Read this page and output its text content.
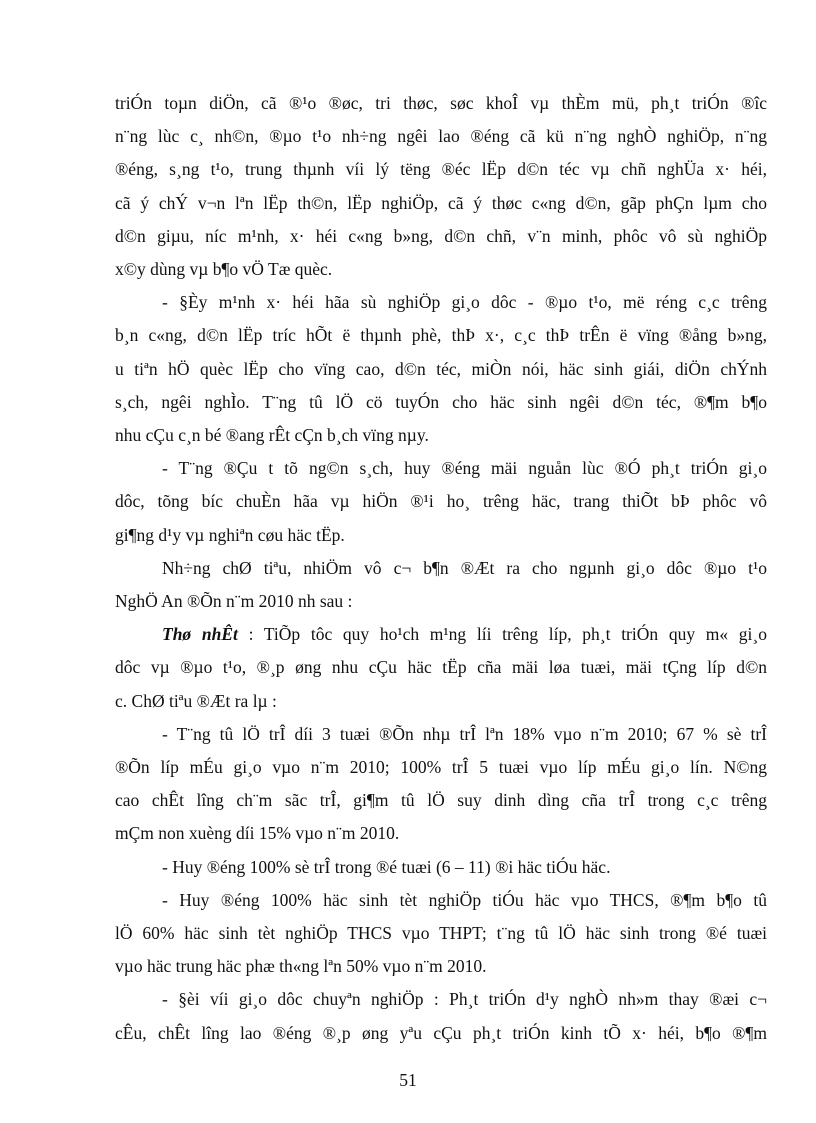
triÓn toµn diÖn, cã ®¹o ®øc, tri thøc, søc khoÎ vµ thÈm mü, ph¸t triÓn ®îc
n¨ng lùc c¸ nh©n, ®µo t¹o nh÷ng ngêi lao ®éng cã kü n¨ng nghÒ nghiÖp, n¨ng
®éng, s¸ng t¹o, trung thµnh víi lý tëng ®éc lËp d©n téc vµ chñ nghÜa x· héi,
cã ý chÝ v¬n lªn lËp th©n, lËp nghiÖp, cã ý thøc c«ng d©n, gãp phÇn lµm cho
d©n giµu, níc m¹nh, x· héi c«ng b»ng, d©n chñ, v¨n minh, phôc vô sù nghiÖp
x©y dùng vµ b¶o vÖ Tæ quèc.
- §Èy m¹nh x· héi hãa sù nghiÖp gi¸o dôc - ®µo t¹o, më réng c¸c trêng
b¸n c«ng, d©n lËp tríc hÕt ë thµnh phè, thÞ x·, c¸c thÞ trÊn ë vïng ®ång b»ng,
u tiªn hÖ quèc lËp cho vïng cao, d©n téc, miÒn nói, häc sinh giái, diÖn chÝnh
s¸ch, ngêi nghÌo. T¨ng tû lÖ cö tuyÓn cho häc sinh ngêi d©n téc, ®¶m b¶o
nhu cÇu c¸n bé ®ang rÊt cÇn b¸ch vïng nµy.
- T¨ng ®Çu t tõ ng©n s¸ch, huy ®éng mäi nguån lùc ®Ó ph¸t triÓn gi¸o
dôc, tõng bíc chuÈn hãa vµ hiÖn ®¹i ho¸ trêng häc, trang thiÕt bÞ phôc vô
gi¶ng d¹y vµ nghiªn cøu häc tËp.
Nh÷ng chØ tiªu, nhiÖm vô c¬ b¶n ®Æt ra cho ngµnh gi¸o dôc ®µo t¹o
NghÖ An ®Õn n¨m 2010 nh sau :
Thø nhÊt : TiÕp tôc quy ho¹ch m¹ng líi trêng líp, ph¸t triÓn quy m« gi¸o
dôc vµ ®µo t¹o, ®¸p øng nhu cÇu häc tËp cña mäi løa tuæi, mäi tÇng líp d©n
c. ChØ tiªu ®Æt ra lµ :
- T¨ng tû lÖ trÎ díi 3 tuæi ®Õn nhµ trÎ lªn 18% vµo n¨m 2010; 67 % sè trÎ
®Õn líp mÉu gi¸o vµo n¨m 2010; 100% trÎ 5 tuæi vµo líp mÉu gi¸o lín. N©ng
cao chÊt lîng ch¨m sãc trÎ, gi¶m tû lÖ suy dinh dìng cña trÎ trong c¸c trêng
mÇm non xuèng díi 15% vµo n¨m 2010.
- Huy ®éng 100% sè trÎ trong ®é tuæi (6 – 11) ®i häc tiÓu häc.
- Huy ®éng 100% häc sinh tèt nghiÖp tiÓu häc vµo THCS, ®¶m b¶o tû
lÖ 60% häc sinh tèt nghiÖp THCS vµo THPT; t¨ng tû lÖ häc sinh trong ®é tuæi
vµo häc trung häc phæ th«ng lªn 50% vµo n¨m 2010.
51
- §èi víi gi¸o dôc chuyªn nghiÖp : Ph¸t triÓn d¹y nghÒ nh»m thay ®æi c¬
cÊu, chÊt lîng lao ®éng ®¸p øng yªu cÇu ph¸t triÓn kinh tÕ x· héi, b¶o ®¶m
